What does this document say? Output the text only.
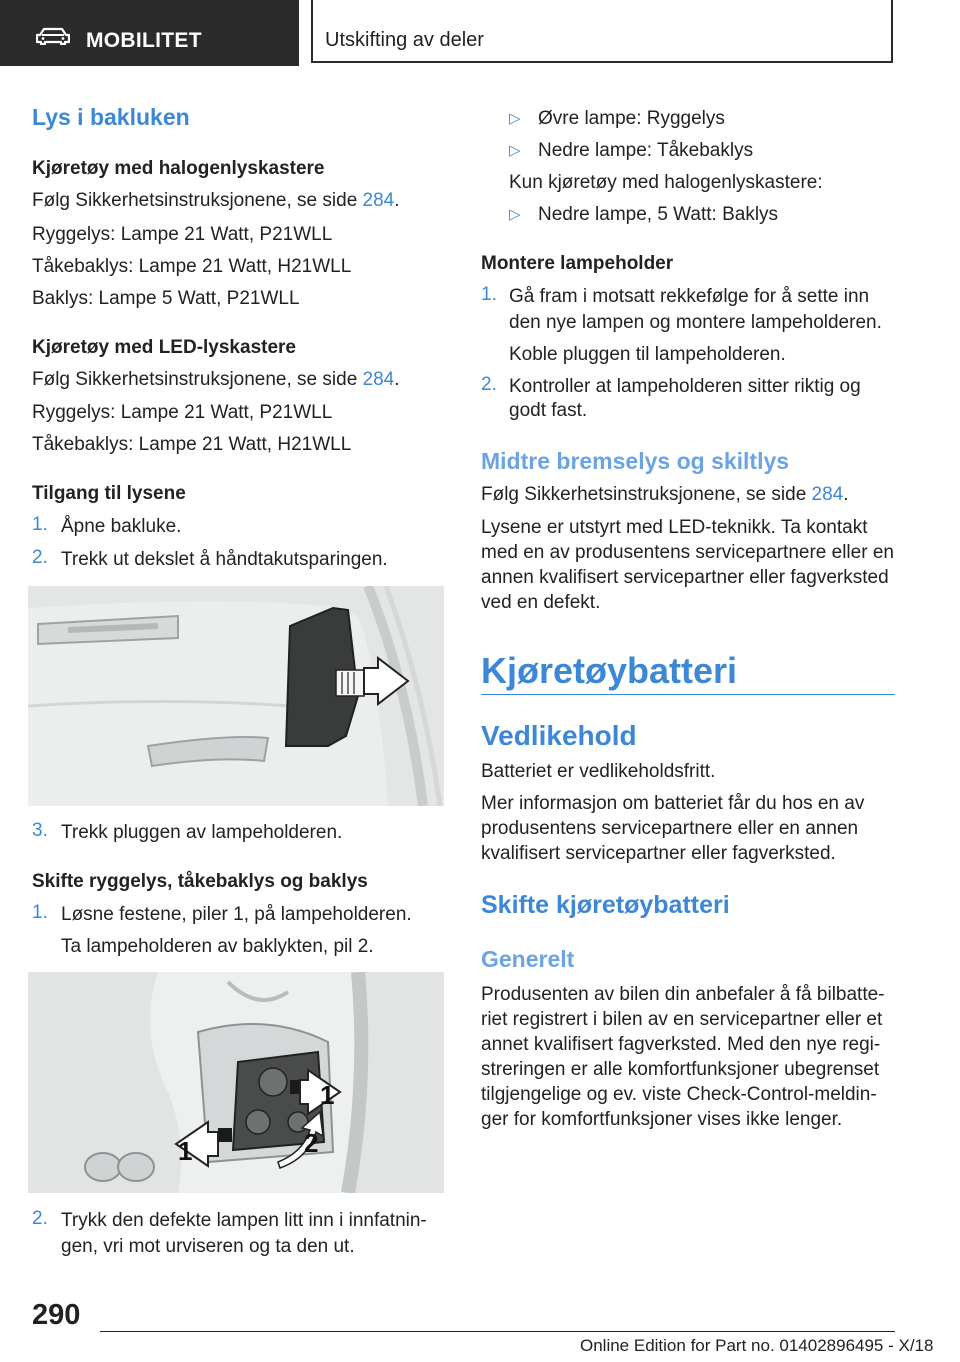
MOBILITET	Utskifting av deler
Lys i bakluken
Kjøretøy med halogenlyskastere
Følg Sikkerhetsinstruksjonene, se side 284.
Ryggelys: Lampe 21 Watt, P21WLL
Tåkebaklys: Lampe 21 Watt, H21WLL
Baklys: Lampe 5 Watt, P21WLL
Kjøretøy med LED-lyskastere
Følg Sikkerhetsinstruksjonene, se side 284.
Ryggelys: Lampe 21 Watt, P21WLL
Tåkebaklys: Lampe 21 Watt, H21WLL
Tilgang til lysene
1. Åpne bakluke.
2. Trekk ut dekslet å håndtakutsparingen.
3. Trekk pluggen av lampeholderen.
Skifte ryggelys, tåkebaklys og baklys
1. Løsne festene, piler 1, på lampeholderen.
Ta lampeholderen av baklykten, pil 2.
1
1	2
2. Trykk den defekte lampen litt inn i innfatnin-
gen, vri mot urviseren og ta den ut.
▷ Øvre lampe: Ryggelys
▷ Nedre lampe: Tåkebaklys
Kun kjøretøy med halogenlyskastere:
▷ Nedre lampe, 5 Watt: Baklys
Montere lampeholder
1. Gå fram i motsatt rekkefølge for å sette inn
den nye lampen og montere lampeholderen.
Koble pluggen til lampeholderen.
2. Kontroller at lampeholderen sitter riktig og
godt fast.
Midtre bremselys og skiltlys
Følg Sikkerhetsinstruksjonene, se side 284.
Lysene er utstyrt med LED-teknikk. Ta kontakt
med en av produsentens servicepartnere eller en
annen kvalifisert servicepartner eller fagverksted
ved en defekt.
Kjøretøybatteri
Vedlikehold
Batteriet er vedlikeholdsfritt.
Mer informasjon om batteriet får du hos en av
produsentens servicepartnere eller en annen
kvalifisert servicepartner eller fagverksted.
Skifte kjøretøybatteri
Generelt
Produsenten av bilen din anbefaler å få bilbatte-
riet registrert i bilen av en servicepartner eller et
annet kvalifisert fagverksted. Med den nye regi-
streringen er alle komfortfunksjoner ubegrenset
tilgjengelige og ev. viste Check-Control-meldin-
ger for komfortfunksjoner vises ikke lenger.
290
Online Edition for Part no. 01402896495 - X/18
